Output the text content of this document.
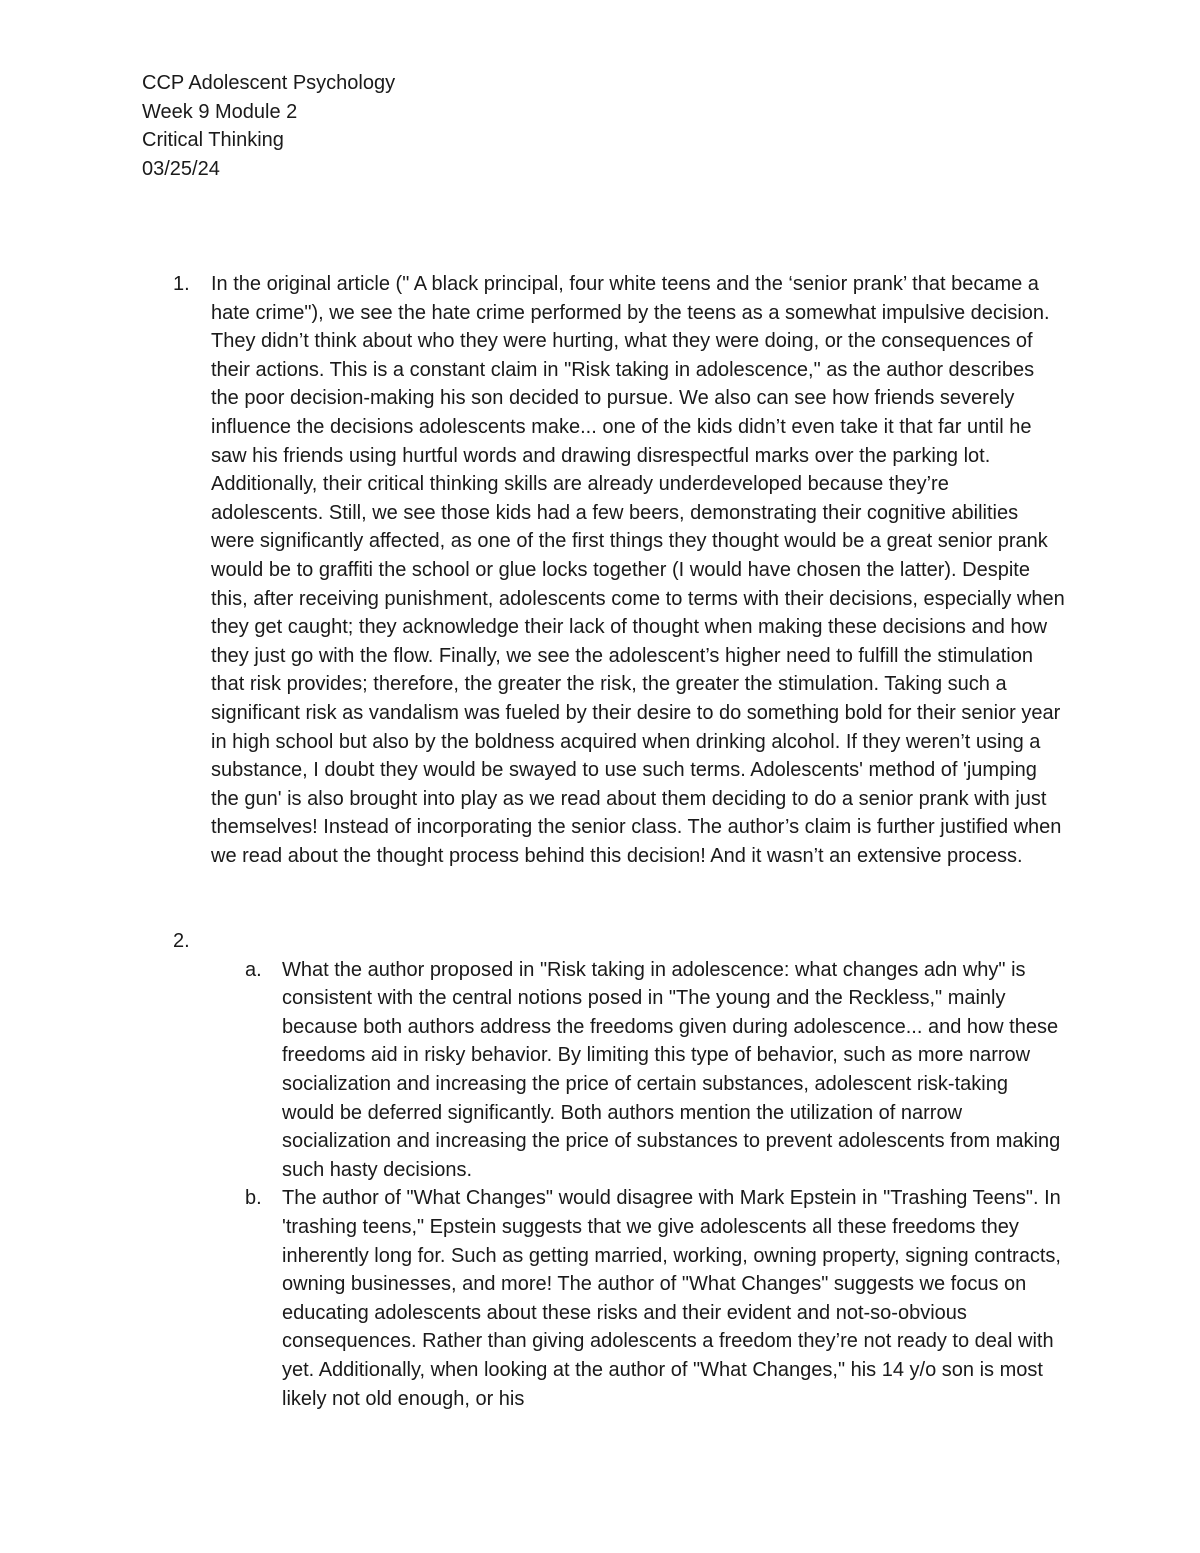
CCP Adolescent Psychology
Week 9 Module 2
Critical Thinking
03/25/24
1. In the original article (" A black principal, four white teens and the ‘senior prank’ that became a hate crime"), we see the hate crime performed by the teens as a somewhat impulsive decision. They didn’t think about who they were hurting, what they were doing, or the consequences of their actions. This is a constant claim in "Risk taking in adolescence," as the author describes the poor decision-making his son decided to pursue. We also can see how friends severely influence the decisions adolescents make... one of the kids didn’t even take it that far until he saw his friends using hurtful words and drawing disrespectful marks over the parking lot. Additionally, their critical thinking skills are already underdeveloped because they’re adolescents. Still, we see those kids had a few beers, demonstrating their cognitive abilities were significantly affected, as one of the first things they thought would be a great senior prank would be to graffiti the school or glue locks together (I would have chosen the latter). Despite this, after receiving punishment, adolescents come to terms with their decisions, especially when they get caught; they acknowledge their lack of thought when making these decisions and how they just go with the flow. Finally, we see the adolescent’s higher need to fulfill the stimulation that risk provides; therefore, the greater the risk, the greater the stimulation. Taking such a significant risk as vandalism was fueled by their desire to do something bold for their senior year in high school but also by the boldness acquired when drinking alcohol. If they weren’t using a substance, I doubt they would be swayed to use such terms. Adolescents' method of 'jumping the gun' is also brought into play as we read about them deciding to do a senior prank with just themselves! Instead of incorporating the senior class. The author’s claim is further justified when we read about the thought process behind this decision! And it wasn’t an extensive process.

2.
a. What the author proposed in "Risk taking in adolescence: what changes adn why" is consistent with the central notions posed in "The young and the Reckless," mainly because both authors address the freedoms given during adolescence... and how these freedoms aid in risky behavior. By limiting this type of behavior, such as more narrow socialization and increasing the price of certain substances, adolescent risk-taking would be deferred significantly. Both authors mention the utilization of narrow socialization and increasing the price of substances to prevent adolescents from making such hasty decisions.

b. The author of "What Changes" would disagree with Mark Epstein in "Trashing Teens". In 'trashing teens," Epstein suggests that we give adolescents all these freedoms they inherently long for. Such as getting married, working, owning property, signing contracts, owning businesses, and more! The author of "What Changes" suggests we focus on educating adolescents about these risks and their evident and not-so-obvious consequences. Rather than giving adolescents a freedom they’re not ready to deal with yet. Additionally, when looking at the author of "What Changes," his 14 y/o son is most likely not old enough, or his
